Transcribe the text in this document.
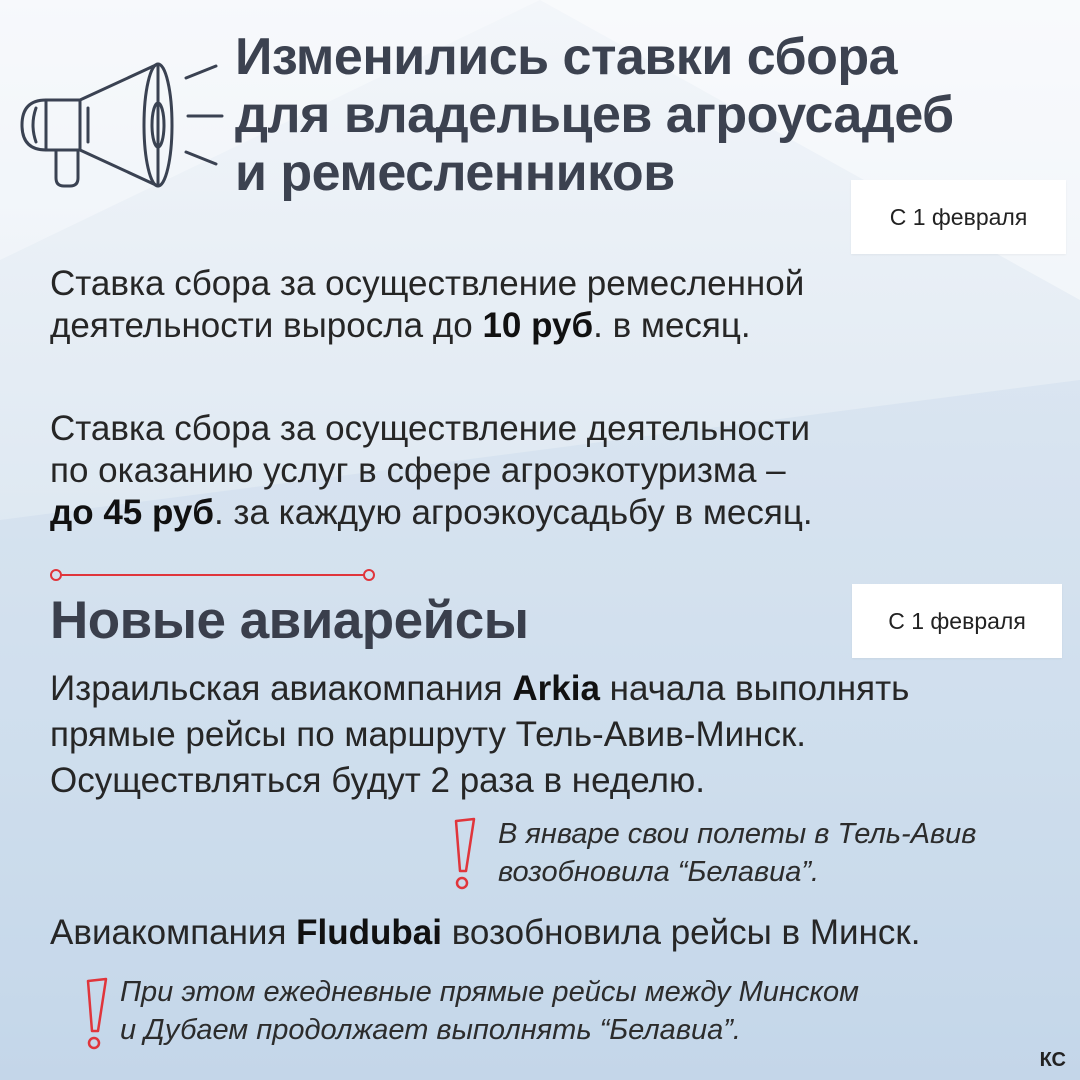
Изменились ставки сбора
для владельцев агроусадеб
и ремесленников
С 1 февраля
Ставка сбора за осуществление ремесленной
деятельности выросла до 10 руб. в месяц.
Ставка сбора за осуществление деятельности
по оказанию услуг в сфере агроэкотуризма –
до 45 руб. за каждую агроэкоусадьбу в месяц.
Новые авиарейсы	С 1 февраля
Израильская авиакомпания Arkia начала выполнять
прямые рейсы по маршруту Тель-Авив-Минск.
Осуществляться будут 2 раза в неделю.
В январе свои полеты в Тель-Авив
возобновила “Белавиа”.
Авиакомпания Fludubai возобновила рейсы в Минск.
При этом ежедневные прямые рейсы между Минском
и Дубаем продолжает выполнять “Белавиа”.
КС
